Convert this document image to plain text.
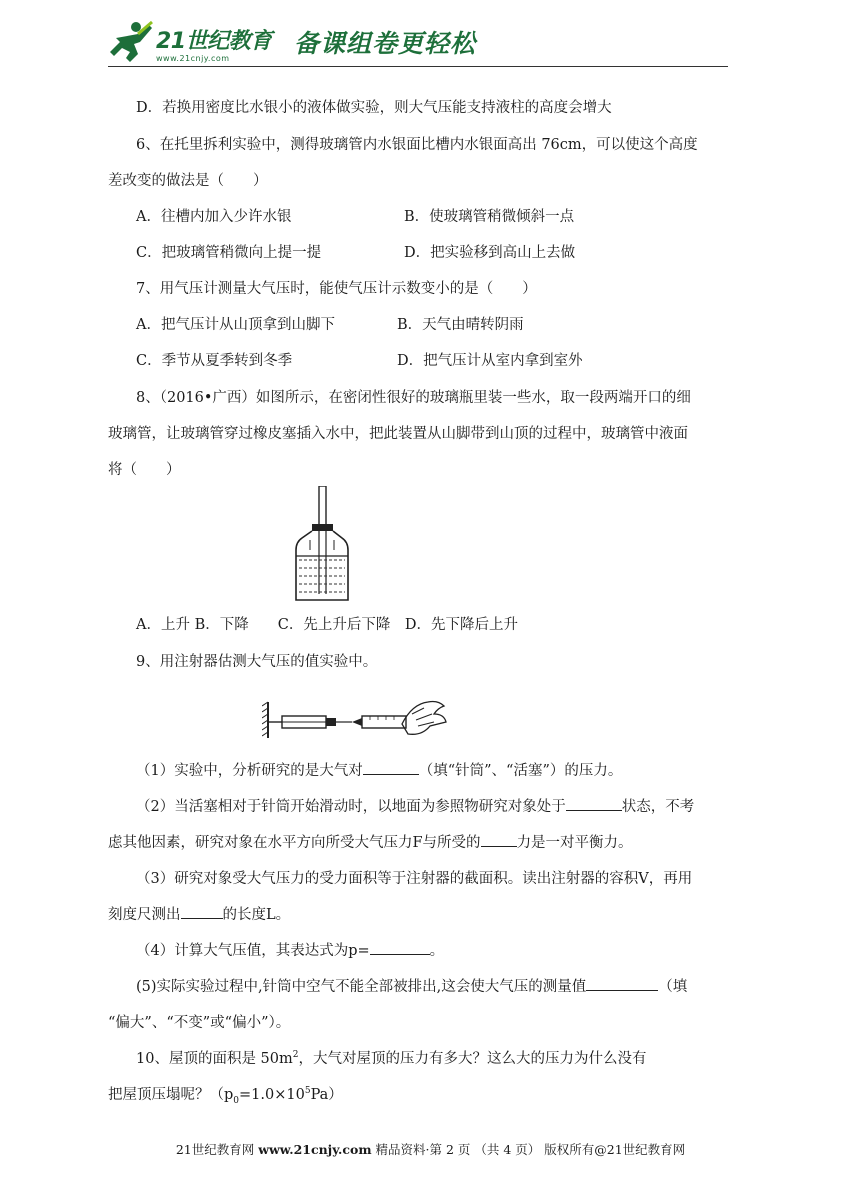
21世纪教育
www.21cnjy.com
备课组卷更轻松
D．若换用密度比水银小的液体做实验，则大气压能支持液柱的高度会增大
6、在托里拆利实验中，测得玻璃管内水银面比槽内水银面高出 76cm，可以使这个高度
差改变的做法是（　　）
A．往槽内加入少许水银	B．使玻璃管稍微倾斜一点
C．把玻璃管稍微向上提一提	D．把实验移到高山上去做
7、用气压计测量大气压时，能使气压计示数变小的是（　　）
A．把气压计从山顶拿到山脚下	B．天气由晴转阴雨
C．季节从夏季转到冬季	D．把气压计从室内拿到室外
8、（2016•广西）如图所示，在密闭性很好的玻璃瓶里装一些水，取一段两端开口的细
玻璃管，让玻璃管穿过橡皮塞插入水中，把此装置从山脚带到山顶的过程中，玻璃管中液面
将（　　）
A．上升 B．下降　　C．先上升后下降　D．先下降后上升
9、用注射器估测大气压的值实验中。
（1）实验中，分析研究的是大气对	（填“针筒”、“活塞”）的压力。
（2）当活塞相对于针筒开始滑动时，以地面为参照物研究对象处于	状态，不考
虑其他因素，研究对象在水平方向所受大气压力F与所受的 力是一对平衡力。
（3）研究对象受大气压力的受力面积等于注射器的截面积。读出注射器的容积V，再用
刻度尺测出	的长度L。
（4）计算大气压值，其表达式为p=	。
(5)实际实验过程中,针筒中空气不能全部被排出,这会使大气压的测量值	（填
“偏大”、“不变”或“偏小”）。
10、屋顶的面积是 $50m^2$，大气对屋顶的压力有多大？这么大的压力为什么没有
把屋顶压塌呢？$(p_0=1.0\times 10^5Pa)$
21世纪教育网 www.21cnjy.com 精品资料·第 2 页 （共 4 页） 版权所有@21世纪教育网
